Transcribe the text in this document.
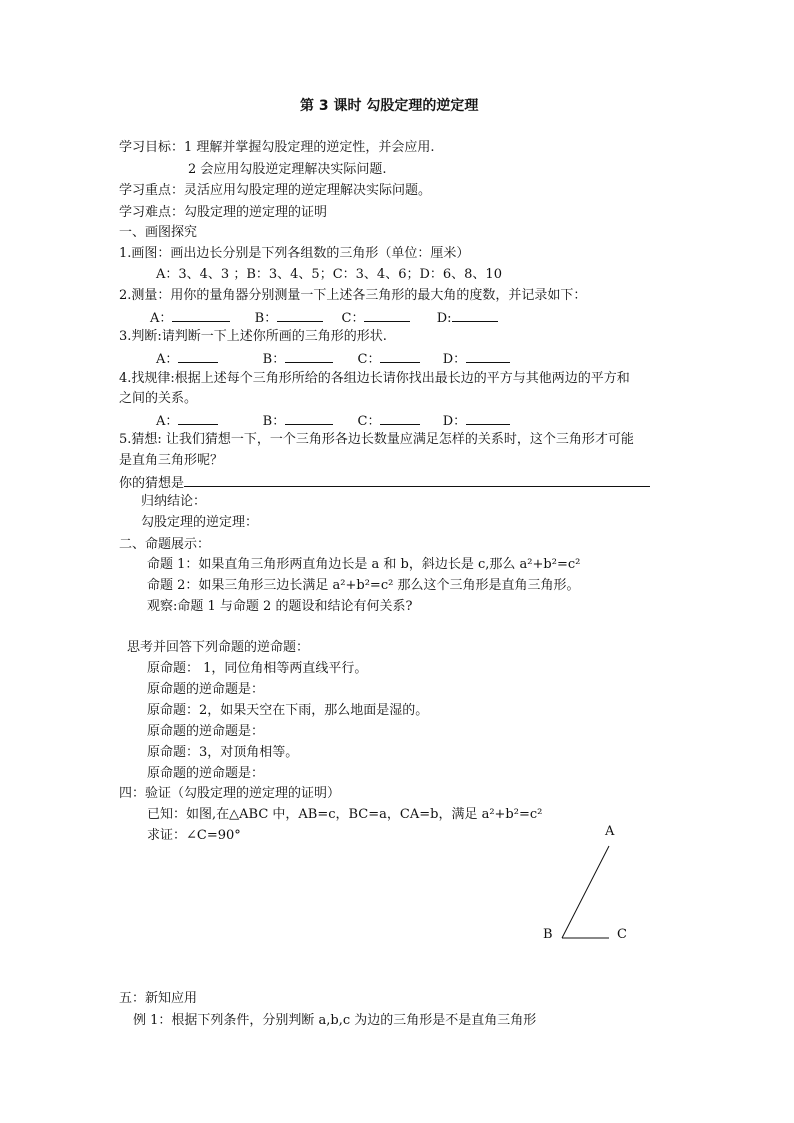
第 3 课时 勾股定理的逆定理
学习目标：1 理解并掌握勾股定理的逆定性，并会应用.
2 会应用勾股逆定理解决实际问题.
学习重点：灵活应用勾股定理的逆定理解决实际问题。
学习难点：勾股定理的逆定理的证明
一、画图探究
1.画图：画出边长分别是下列各组数的三角形（单位：厘米）
A：3、4、3 ；B：3、4、5；C：3、4、6；D：6、8、10
2.测量：用你的量角器分别测量一下上述各三角形的最大角的度数，并记录如下：
A：	B：	C：	D:
3.判断:请判断一下上述你所画的三角形的形状.
A：	B：	C：	D：
4.找规律:根据上述每个三角形所给的各组边长请你找出最长边的平方与其他两边的平方和
之间的关系。
A：	B：	C：	D：
5.猜想: 让我们猜想一下，一个三角形各边长数量应满足怎样的关系时，这个三角形才可能
是直角三角形呢？
你的猜想是
归纳结论：
勾股定理的逆定理：
二、命题展示：
命题 1：如果直角三角形两直角边长是 a 和 b，斜边长是 c,那么 a²+b²=c²
命题 2：如果三角形三边长满足 a²+b²=c² 那么这个三角形是直角三角形。
观察:命题 1 与命题 2 的题设和结论有何关系?
思考并回答下列命题的逆命题：
原命题： 1，同位角相等两直线平行。
原命题的逆命题是：
原命题：2，如果天空在下雨，那么地面是湿的。
原命题的逆命题是：
原命题：3，对顶角相等。
原命题的逆命题是：
四：验证（勾股定理的逆定理的证明）
已知：如图,在△ABC 中，AB=c，BC=a，CA=b，满足 a²+b²=c²
求证：∠C=90°	A
B	C
五：新知应用
例 1：根据下列条件，分别判断 a,b,c 为边的三角形是不是直角三角形
